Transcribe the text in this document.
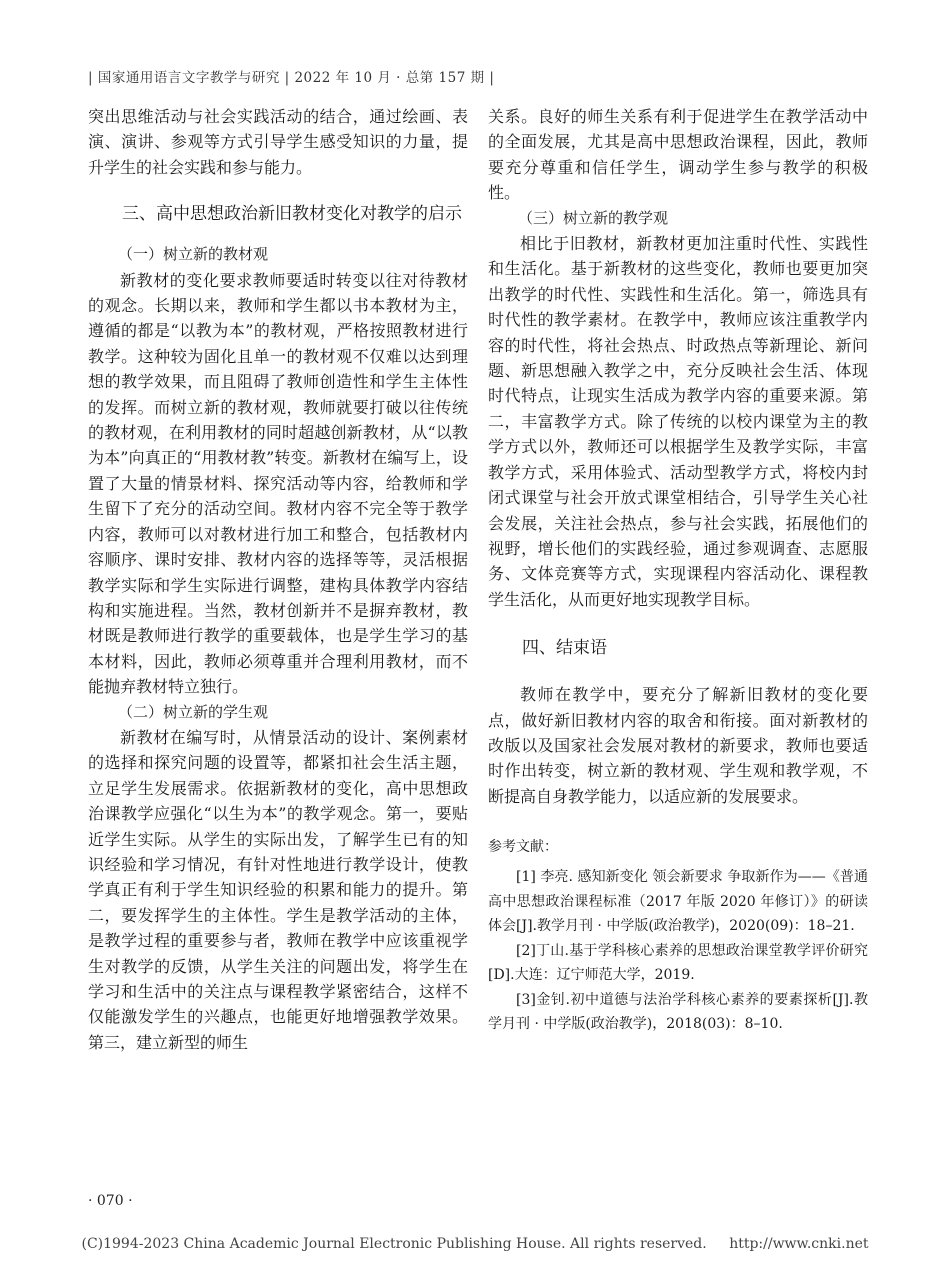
| 国家通用语言文字教学与研究 | 2022 年 10 月 · 总第 157 期 |

突出思维活动与社会实践活动的结合，通过绘画、表演、演讲、参观等方式引导学生感受知识的力量，提升学生的社会实践和参与能力。

三、高中思想政治新旧教材变化对教学的启示
（一）树立新的教材观

新教材的变化要求教师要适时转变以往对待教材的观念。长期以来，教师和学生都以书本教材为主，遵循的都是“以教为本”的教材观，严格按照教材进行教学。这种较为固化且单一的教材观不仅难以达到理想的教学效果，而且阻碍了教师创造性和学生主体性的发挥。而树立新的教材观，教师就要打破以往传统的教材观，在利用教材的同时超越创新教材，从“以教为本”向真正的“用教材教”转变。新教材在编写上，设置了大量的情景材料、探究活动等内容，给教师和学生留下了充分的活动空间。教材内容不完全等于教学内容，教师可以对教材进行加工和整合，包括教材内容顺序、课时安排、教材内容的选择等等，灵活根据教学实际和学生实际进行调整，建构具体教学内容结构和实施进程。当然，教材创新并不是摒弃教材，教材既是教师进行教学的重要载体，也是学生学习的基本材料，因此，教师必须尊重并合理利用教材，而不能抛弃教材特立独行。

（二）树立新的学生观

新教材在编写时，从情景活动的设计、案例素材的选择和探究问题的设置等，都紧扣社会生活主题，立足学生发展需求。依据新教材的变化，高中思想政治课教学应强化“以生为本”的教学观念。第一，要贴近学生实际。从学生的实际出发，了解学生已有的知识经验和学习情况，有针对性地进行教学设计，使教学真正有利于学生知识经验的积累和能力的提升。第二，要发挥学生的主体性。学生是教学活动的主体，是教学过程的重要参与者，教师在教学中应该重视学生对教学的反馈，从学生关注的问题出发，将学生在学习和生活中的关注点与课程教学紧密结合，这样不仅能激发学生的兴趣点，也能更好地增强教学效果。第三，建立新型的师生

关系。良好的师生关系有利于促进学生在教学活动中的全面发展，尤其是高中思想政治课程，因此，教师要充分尊重和信任学生，调动学生参与教学的积极性。

（三）树立新的教学观

相比于旧教材，新教材更加注重时代性、实践性和生活化。基于新教材的这些变化，教师也要更加突出教学的时代性、实践性和生活化。第一，筛选具有时代性的教学素材。在教学中，教师应该注重教学内容的时代性，将社会热点、时政热点等新理论、新问题、新思想融入教学之中，充分反映社会生活、体现时代特点，让现实生活成为教学内容的重要来源。第二，丰富教学方式。除了传统的以校内课堂为主的教学方式以外，教师还可以根据学生及教学实际，丰富教学方式，采用体验式、活动型教学方式，将校内封闭式课堂与社会开放式课堂相结合，引导学生关心社会发展，关注社会热点，参与社会实践，拓展他们的视野，增长他们的实践经验，通过参观调查、志愿服务、文体竞赛等方式，实现课程内容活动化、课程教学生活化，从而更好地实现教学目标。

四、结束语

教师在教学中，要充分了解新旧教材的变化要点，做好新旧教材内容的取舍和衔接。面对新教材的改版以及国家社会发展对教材的新要求，教师也要适时作出转变，树立新的教材观、学生观和教学观，不断提高自身教学能力，以适应新的发展要求。

参考文献：

[1] 李亮. 感知新变化 领会新要求 争取新作为——《普通高中思想政治课程标准（2017 年版 2020 年修订）》的研读体会[J].教学月刊 · 中学版(政治教学)，2020(09)：18–21.

[2]丁山.基于学科核心素养的思想政治课堂教学评价研究[D].大连：辽宁师范大学，2019.

[3]金钊.初中道德与法治学科核心素养的要素探析[J].教学月刊 · 中学版(政治教学)，2018(03)：8–10.

· 070 ·
(C)1994-2023 China Academic Journal Electronic Publishing House. All rights reserved. http://www.cnki.net
